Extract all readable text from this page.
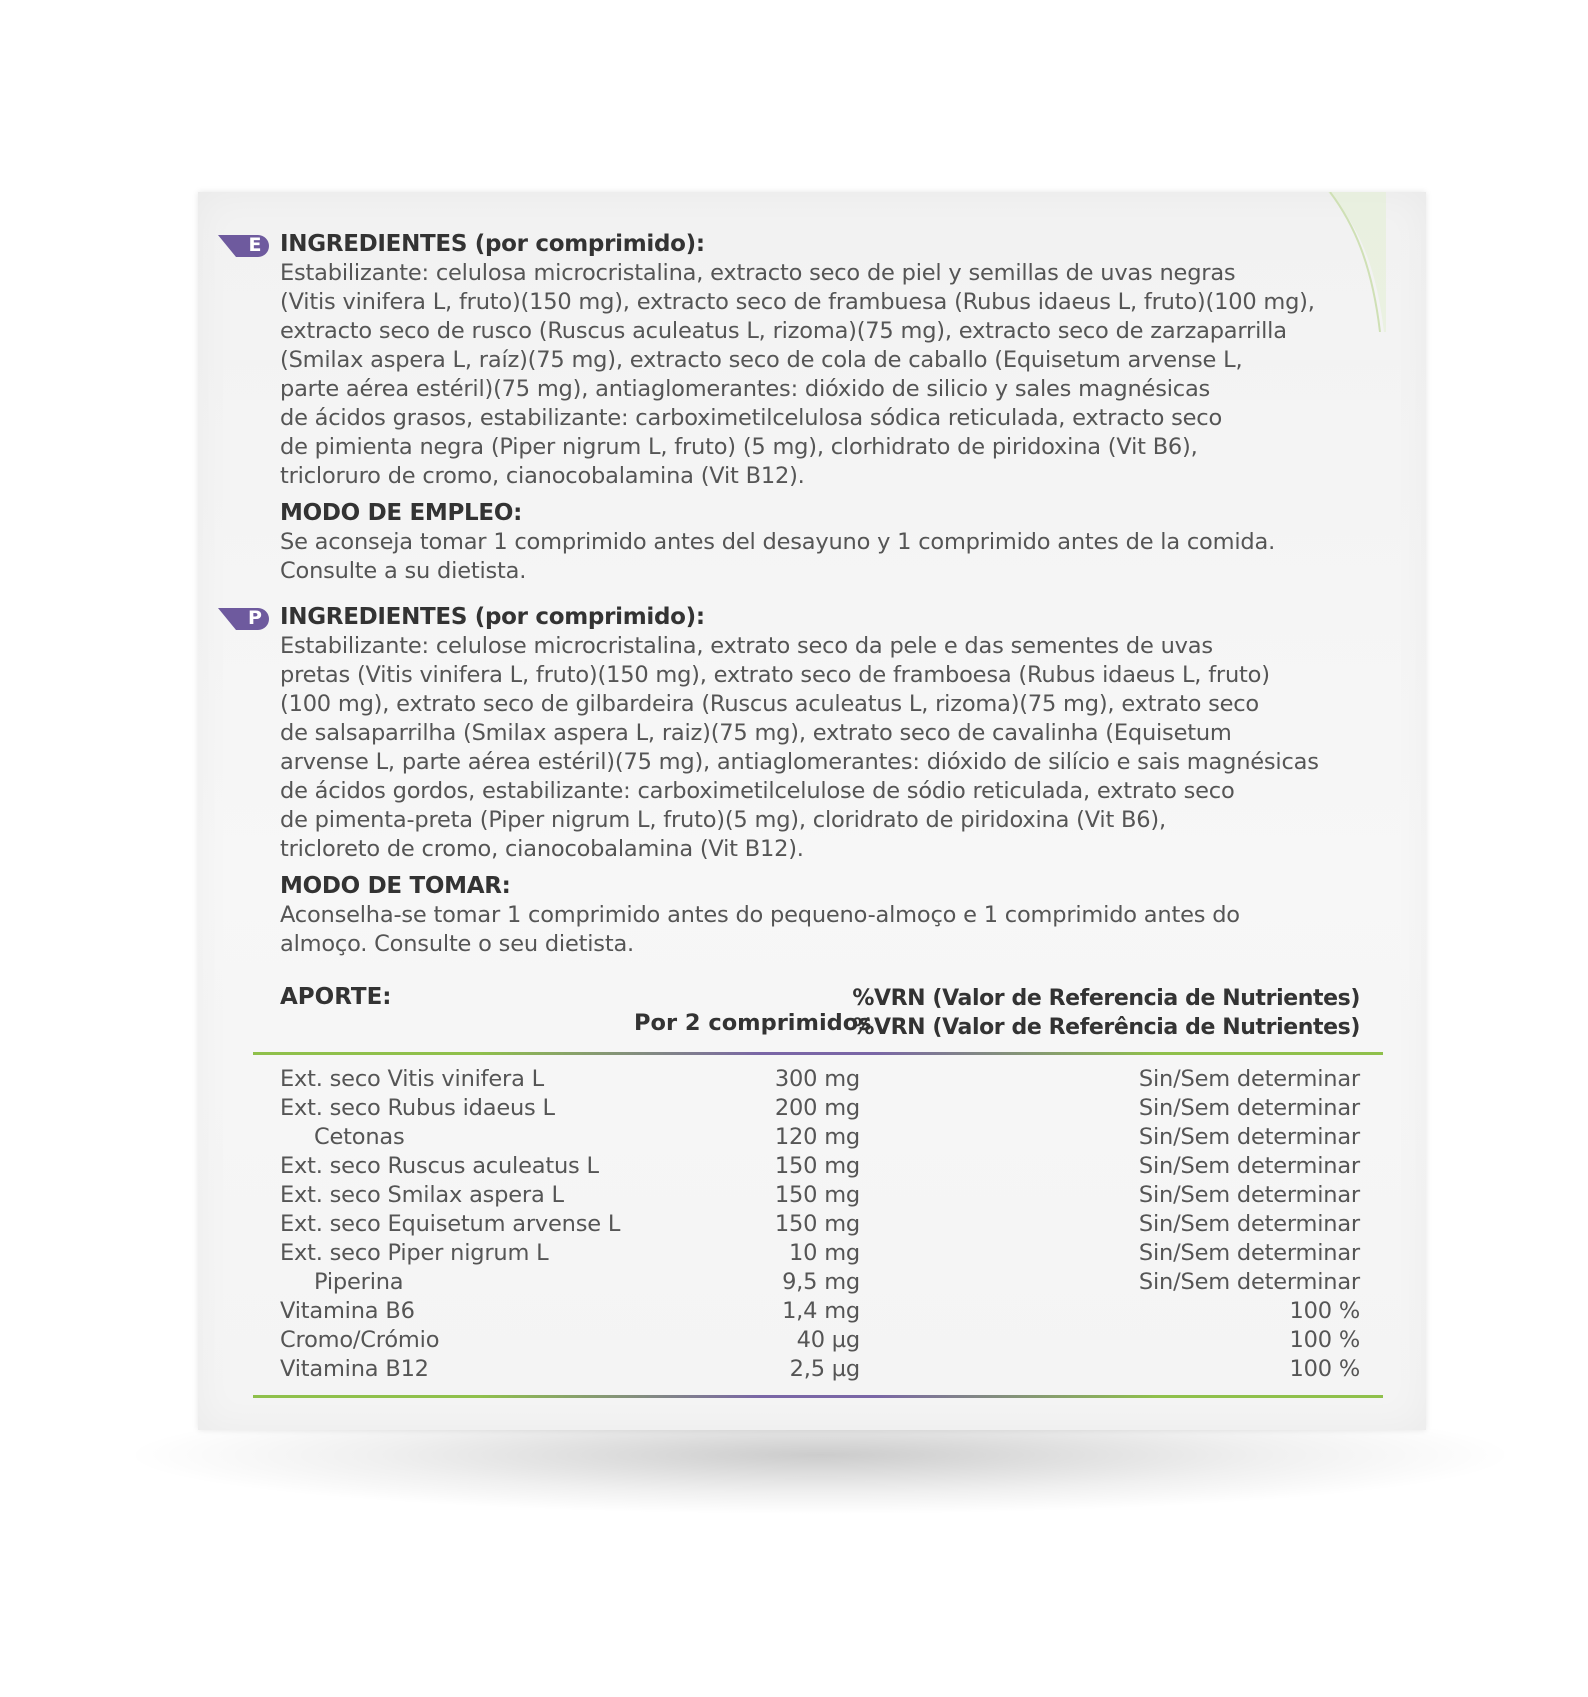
E INGREDIENTES (por comprimido):

Estabilizante: celulosa microcristalina, extracto seco de piel y semillas de uvas negras
(Vitis vinifera L, fruto)(150 mg), extracto seco de frambuesa (Rubus idaeus L, fruto)(100 mg),
extracto seco de rusco (Ruscus aculeatus L, rizoma)(75 mg), extracto seco de zarzaparrilla
(Smilax aspera L, raíz)(75 mg), extracto seco de cola de caballo (Equisetum arvense L,
parte aérea estéril)(75 mg), antiaglomerantes: dióxido de silicio y sales magnésicas
de ácidos grasos, estabilizante: carboximetilcelulosa sódica reticulada, extracto seco
de pimienta negra (Piper nigrum L, fruto) (5 mg), clorhidrato de piridoxina (Vit B6),
tricloruro de cromo, cianocobalamina (Vit B12).

MODO DE EMPLEO:

Se aconseja tomar 1 comprimido antes del desayuno y 1 comprimido antes de la comida.
Consulte a su dietista.

P INGREDIENTES (por comprimido):

Estabilizante: celulose microcristalina, extrato seco da pele e das sementes de uvas
pretas (Vitis vinifera L, fruto)(150 mg), extrato seco de framboesa (Rubus idaeus L, fruto)
(100 mg), extrato seco de gilbardeira (Ruscus aculeatus L, rizoma)(75 mg), extrato seco
de salsaparrilha (Smilax aspera L, raiz)(75 mg), extrato seco de cavalinha (Equisetum
arvense L, parte aérea estéril)(75 mg), antiaglomerantes: dióxido de silício e sais magnésicas
de ácidos gordos, estabilizante: carboximetilcelulose de sódio reticulada, extrato seco
de pimenta-preta (Piper nigrum L, fruto)(5 mg), cloridrato de piridoxina (Vit B6),
tricloreto de cromo, cianocobalamina (Vit B12).

MODO DE TOMAR:

Aconselha-se tomar 1 comprimido antes do pequeno-almoço e 1 comprimido antes do
almoço. Consulte o seu dietista.

APORTE:
Por 2 comprimidos
%VRN (Valor de Referencia de Nutrientes)
%VRN (Valor de Referência de Nutrientes)
Ext. seco Vitis vinifera L	300 mg	Sin/Sem determinar
Ext. seco Rubus idaeus L	200 mg	Sin/Sem determinar
Cetonas	120 mg	Sin/Sem determinar
Ext. seco Ruscus aculeatus L	150 mg	Sin/Sem determinar
Ext. seco Smilax aspera L	150 mg	Sin/Sem determinar
Ext. seco Equisetum arvense L	150 mg	Sin/Sem determinar
Ext. seco Piper nigrum L	10 mg	Sin/Sem determinar
Piperina	9,5 mg	Sin/Sem determinar
Vitamina B6	1,4 mg	100 %
Cromo/Crómio	40 µg	100 %
Vitamina B12	2,5 µg	100 %
